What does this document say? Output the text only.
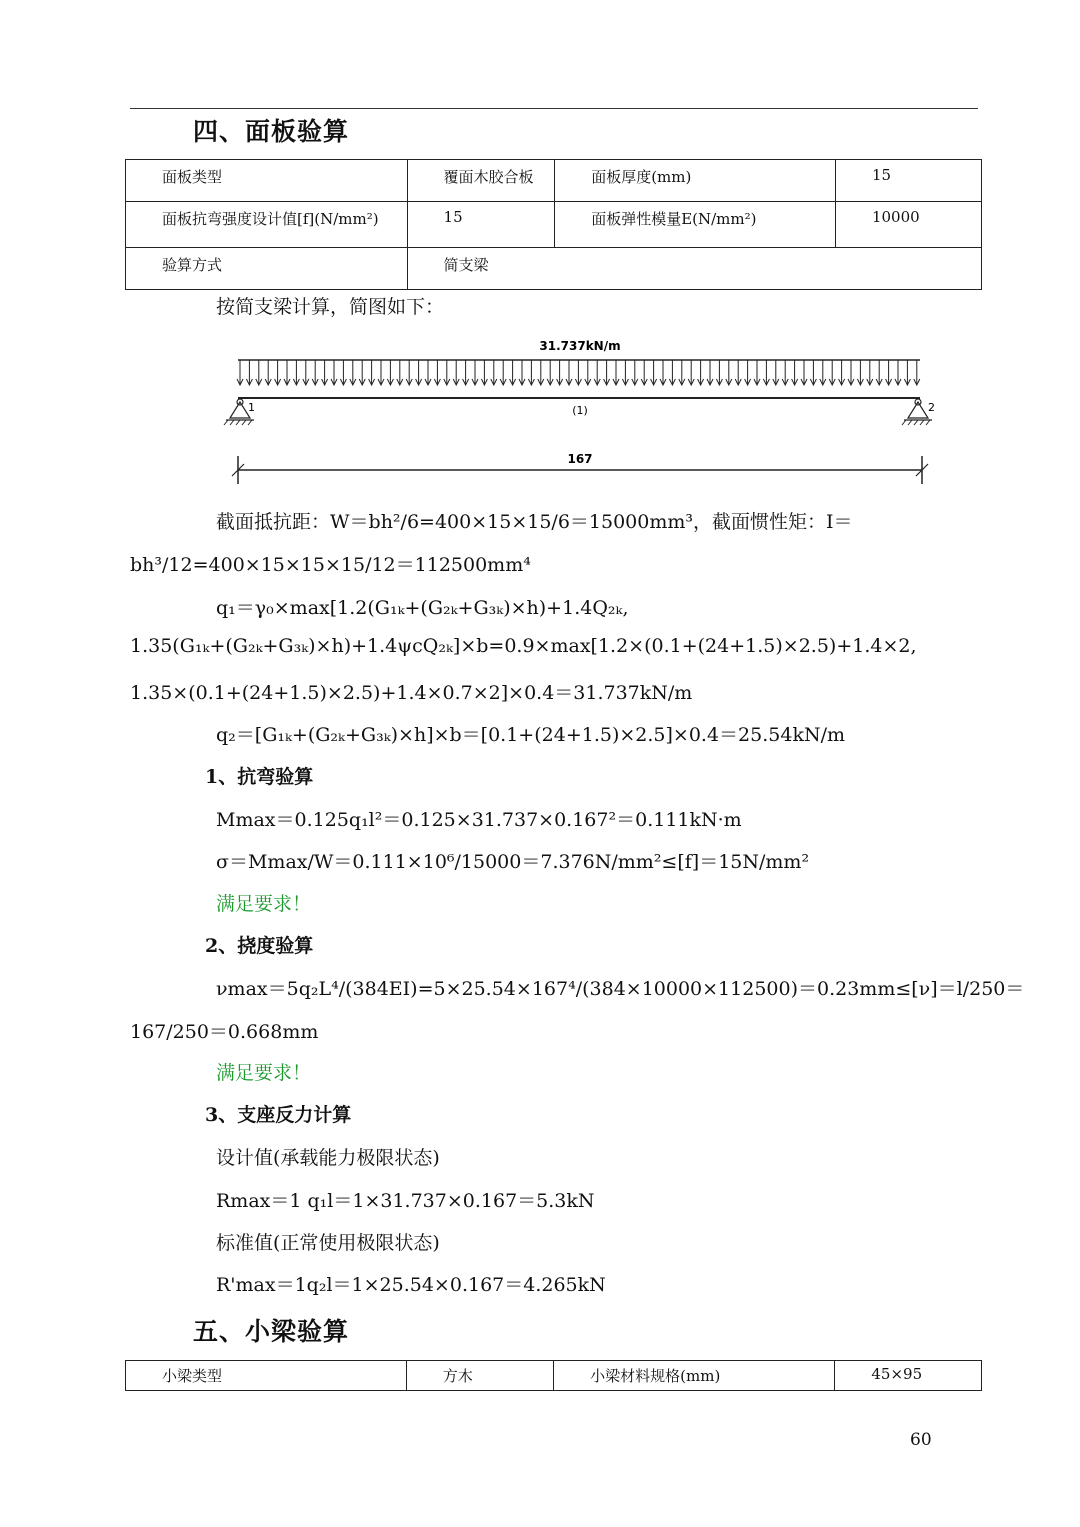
四、面板验算
面板类型	覆面木胶合板	面板厚度(mm)	15
面板抗弯强度设计值[f](N/mm²)	15	面板弹性模量E(N/mm²)	10000
验算方式	简支梁		
按简支梁计算，简图如下：
31.737kN/m
1	2
(1)
167
截面抵抗距：W＝bh²/6=400×15×15/6＝15000mm³，截面惯性矩：I＝
bh³/12=400×15×15×15/12＝112500mm⁴
q₁＝γ₀×max[1.2(G₁ₖ+(G₂ₖ+G₃ₖ)×h)+1.4Q₂ₖ,
1.35(G₁ₖ+(G₂ₖ+G₃ₖ)×h)+1.4ψcQ₂ₖ]×b=0.9×max[1.2×(0.1+(24+1.5)×2.5)+1.4×2,
1.35×(0.1+(24+1.5)×2.5)+1.4×0.7×2]×0.4＝31.737kN/m
q₂＝[G₁ₖ+(G₂ₖ+G₃ₖ)×h]×b＝[0.1+(24+1.5)×2.5]×0.4＝25.54kN/m
1、抗弯验算
Mmax＝0.125q₁l²＝0.125×31.737×0.167²＝0.111kN·m
σ＝Mmax/W＝0.111×10⁶/15000＝7.376N/mm²≤[f]＝15N/mm²
满足要求！
2、挠度验算
νmax＝5q₂L⁴/(384EI)=5×25.54×167⁴/(384×10000×112500)＝0.23mm≤[ν]＝l/250＝
167/250＝0.668mm
满足要求！
3、支座反力计算
设计值(承载能力极限状态)
Rmax＝1 q₁l＝1×31.737×0.167＝5.3kN
标准值(正常使用极限状态)
R'max＝1q₂l＝1×25.54×0.167＝4.265kN
五、小梁验算
小梁类型	方木	小梁材料规格(mm)	45×95
60
